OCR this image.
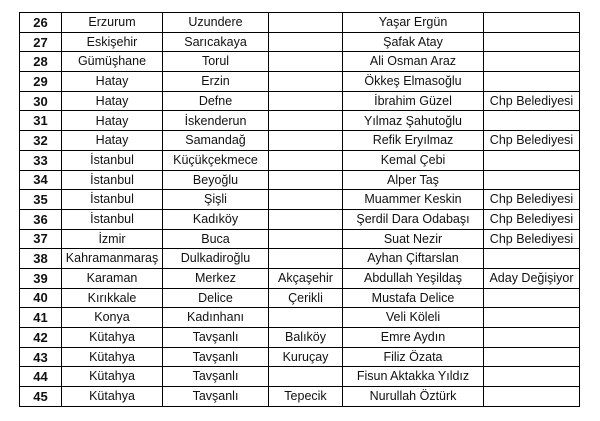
26	Erzurum	Uzundere		Yaşar Ergün	
27	Eskişehir	Sarıcakaya		Şafak Atay	
28	Gümüşhane	Torul		Ali Osman Araz	
29	Hatay	Erzin		Ökkeş Elmasoğlu	
30	Hatay	Defne		İbrahim Güzel	Chp Belediyesi
31	Hatay	İskenderun		Yılmaz Şahutoğlu	
32	Hatay	Samandağ		Refik Eryılmaz	Chp Belediyesi
33	İstanbul	Küçükçekmece		Kemal Çebi	
34	İstanbul	Beyoğlu		Alper Taş	
35	İstanbul	Şişli		Muammer Keskin	Chp Belediyesi
36	İstanbul	Kadıköy		Şerdil Dara Odabaşı	Chp Belediyesi
37	İzmir	Buca		Suat Nezir	Chp Belediyesi
38	Kahramanmaraş	Dulkadiroğlu		Ayhan Çiftarslan	
39	Karaman	Merkez	Akçaşehir	Abdullah Yeşildaş	Aday Değişiyor
40	Kırıkkale	Delice	Çerikli	Mustafa Delice	
41	Konya	Kadınhanı		Veli Köleli	
42	Kütahya	Tavşanlı	Balıköy	Emre Aydın	
43	Kütahya	Tavşanlı	Kuruçay	Filiz Özata	
44	Kütahya	Tavşanlı		Fisun Aktakka Yıldız	
45	Kütahya	Tavşanlı	Tepecik	Nurullah Öztürk	
